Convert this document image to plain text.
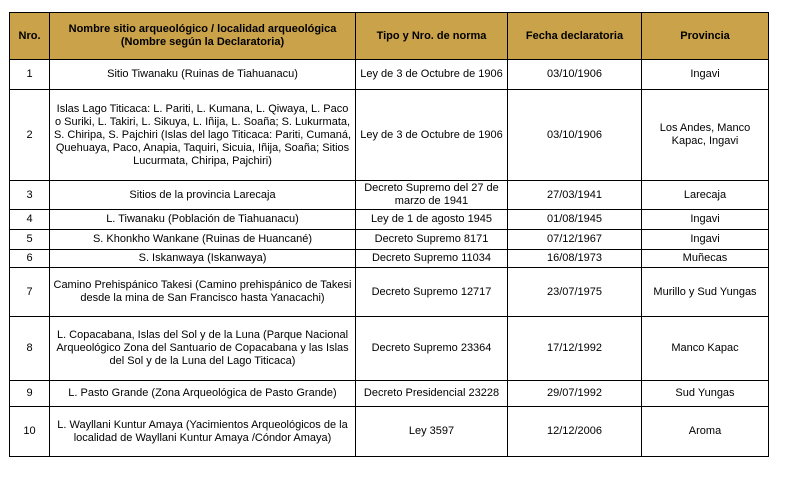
Nro.	Nombre sitio arqueológico / localidad arqueológica (Nombre según la Declaratoria)	Tipo y Nro. de norma	Fecha declaratoria	Provincia
1	Sitio Tiwanaku (Ruinas de Tiahuanacu)	Ley de 3 de Octubre de 1906	03/10/1906	Ingavi
2	Islas Lago Titicaca: L. Pariti, L. Kumana, L. Qiwaya, L. Paco o Suriki, L. Takiri, L. Sikuya, L. Iñija, L. Soaña; S. Lukurmata, S. Chiripa, S. Pajchiri (Islas del lago Titicaca: Pariti, Cumaná, Quehuaya, Paco, Anapia, Taquiri, Sicuia, Iñija, Soaña; Sitios Lucurmata, Chiripa, Pajchiri)	Ley de 3 de Octubre de 1906	03/10/1906	Los Andes, Manco Kapac, Ingavi
3	Sitios de la provincia Larecaja	Decreto Supremo del 27 de marzo de 1941	27/03/1941	Larecaja
4	L. Tiwanaku (Población de Tiahuanacu)	Ley de 1 de agosto 1945	01/08/1945	Ingavi
5	S. Khonkho Wankane (Ruinas de Huancané)	Decreto Supremo 8171	07/12/1967	Ingavi
6	S. Iskanwaya (Iskanwaya)	Decreto Supremo 11034	16/08/1973	Muñecas
7	Camino Prehispánico Takesi (Camino prehispánico de Takesi desde la mina de San Francisco hasta Yanacachi)	Decreto Supremo 12717	23/07/1975	Murillo y Sud Yungas
8	L. Copacabana, Islas del Sol y de la Luna (Parque Nacional Arqueológico Zona del Santuario de Copacabana y las Islas del Sol y de la Luna del Lago Titicaca)	Decreto Supremo 23364	17/12/1992	Manco Kapac
9	L. Pasto Grande (Zona Arqueológica de Pasto Grande)	Decreto Presidencial 23228	29/07/1992	Sud Yungas
10	L. Wayllani Kuntur Amaya (Yacimientos Arqueológicos de la localidad de Wayllani Kuntur Amaya /Cóndor Amaya)	Ley 3597	12/12/2006	Aroma
